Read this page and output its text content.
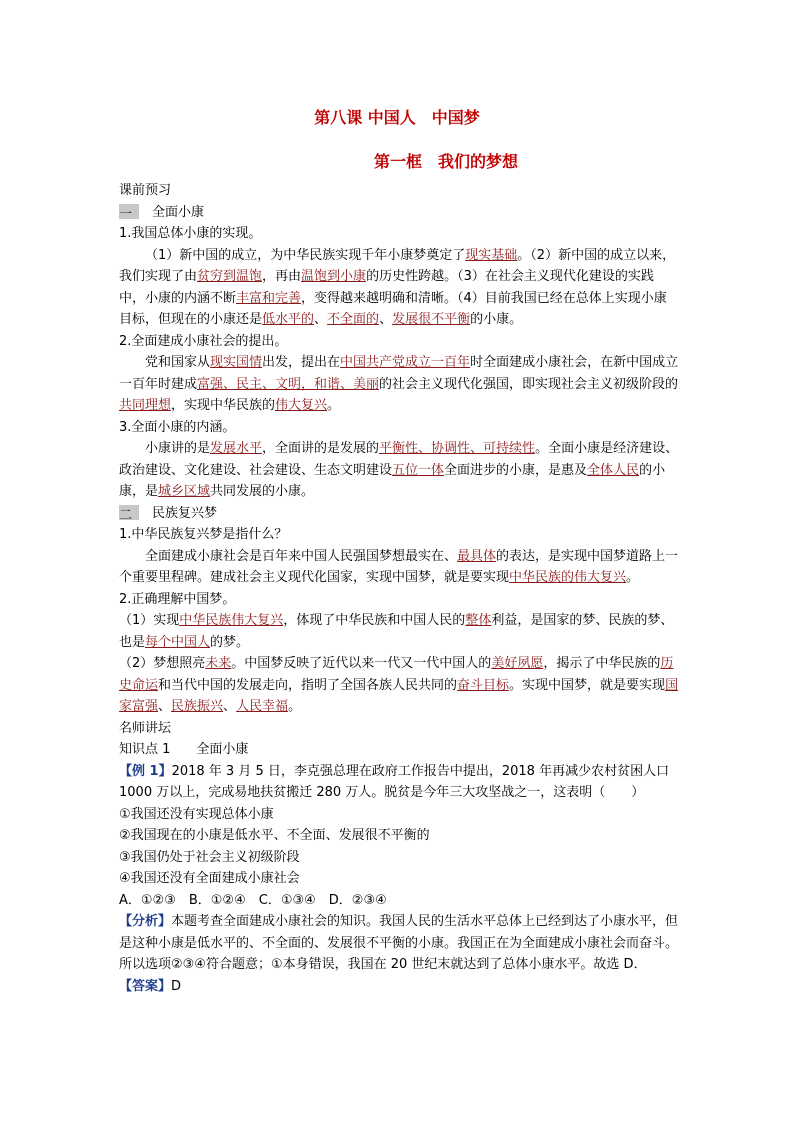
第八课 中国人　中国梦
第一框　我们的梦想

课前预习

一　 全面小康

1.我国总体小康的实现。

（1）新中国的成立，为中华民族实现千年小康梦奠定了现实基础。（2）新中国的成立以来，我们实现了由贫穷到温饱，再由温饱到小康的历史性跨越。（3）在社会主义现代化建设的实践中，小康的内涵不断丰富和完善，变得越来越明确和清晰。（4）目前我国已经在总体上实现小康目标，但现在的小康还是低水平的、不全面的、发展很不平衡的小康。

2.全面建成小康社会的提出。

党和国家从现实国情出发，提出在中国共产党成立一百年时全面建成小康社会，在新中国成立一百年时建成富强、民主、文明，和谐、美丽的社会主义现代化强国，即实现社会主义初级阶段的共同理想，实现中华民族的伟大复兴。

3.全面小康的内涵。

小康讲的是发展水平，全面讲的是发展的平衡性、协调性、可持续性。全面小康是经济建设、政治建设、文化建设、社会建设、生态文明建设五位一体全面进步的小康，是惠及全体人民的小康，是城乡区域共同发展的小康。

二　 民族复兴梦

1.中华民族复兴梦是指什么？

全面建成小康社会是百年来中国人民强国梦想最实在、最具体的表达，是实现中国梦道路上一个重要里程碑。建成社会主义现代化国家，实现中国梦，就是要实现中华民族的伟大复兴。

2.正确理解中国梦。

（1）实现中华民族伟大复兴，体现了中华民族和中国人民的整体利益，是国家的梦、民族的梦、也是每个中国人的梦。

（2）梦想照亮未来。中国梦反映了近代以来一代又一代中国人的美好夙愿，揭示了中华民族的历史命运和当代中国的发展走向，指明了全国各族人民共同的奋斗目标。实现中国梦，就是要实现国家富强、民族振兴、人民幸福。

名师讲坛

知识点 1　　全面小康

【例 1】2018 年 3 月 5 日，李克强总理在政府工作报告中提出，2018 年再减少农村贫困人口 1000 万以上，完成易地扶贫搬迁 280 万人。脱贫是今年三大攻坚战之一，这表明（　　）

①我国还没有实现总体小康

②我国现在的小康是低水平、不全面、发展很不平衡的

③我国仍处于社会主义初级阶段

④我国还没有全面建成小康社会

A．①②③　B．①②④　C．①③④　D．②③④

【分析】本题考查全面建成小康社会的知识。我国人民的生活水平总体上已经到达了小康水平，但是这种小康是低水平的、不全面的、发展很不平衡的小康。我国正在为全面建成小康社会而奋斗。所以选项②③④符合题意；①本身错误，我国在 20 世纪末就达到了总体小康水平。故选 D．

【答案】D
